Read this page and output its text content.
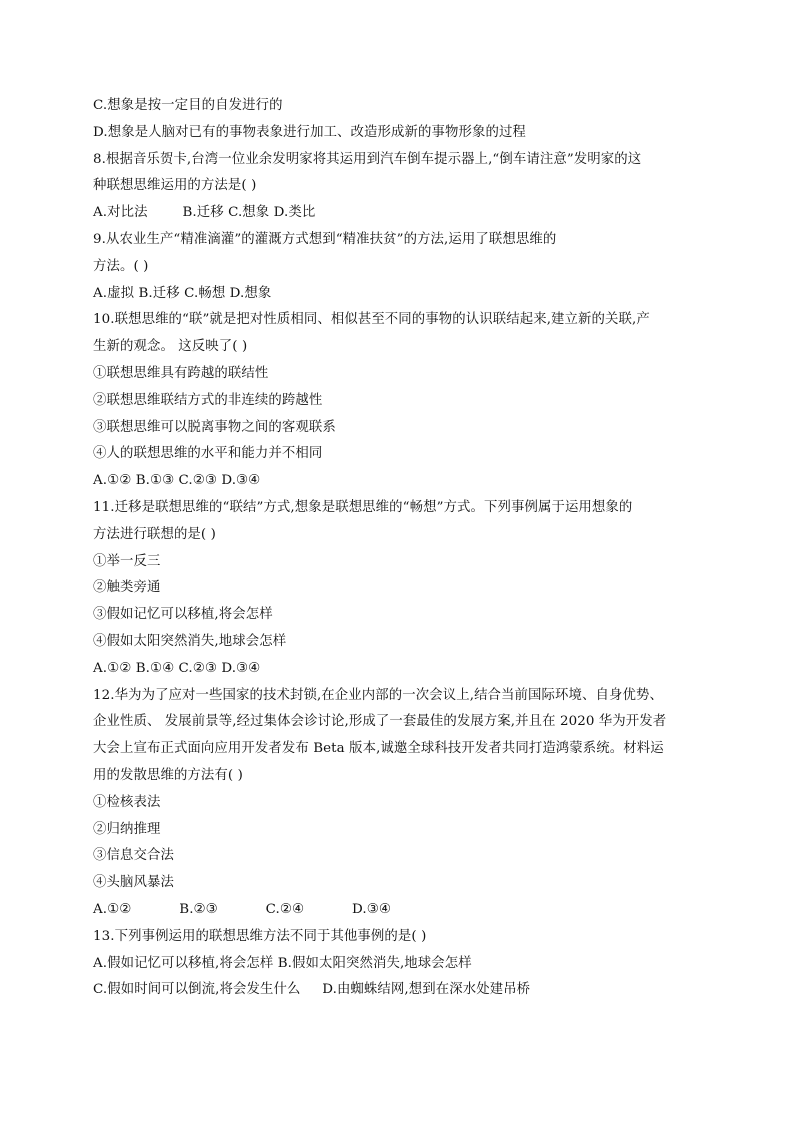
C.想象是按一定目的自发进行的
D.想象是人脑对已有的事物表象进行加工、改造形成新的事物形象的过程
8.根据音乐贺卡,台湾一位业余发明家将其运用到汽车倒车提示器上,“倒车请注意”发明家的这
种联想思维运用的方法是( )
A.对比法        B.迁移 C.想象 D.类比
9.从农业生产“精准滴灌”的灌溉方式想到“精准扶贫”的方法,运用了联想思维的
方法。( )
A.虚拟 B.迁移 C.畅想 D.想象
10.联想思维的“联”就是把对性质相同、相似甚至不同的事物的认识联结起来,建立新的关联,产
生新的观念。 这反映了( )
①联想思维具有跨越的联结性
②联想思维联结方式的非连续的跨越性
③联想思维可以脱离事物之间的客观联系
④人的联想思维的水平和能力并不相同
A.①② B.①③ C.②③ D.③④
11.迁移是联想思维的“联结”方式,想象是联想思维的“畅想”方式。下列事例属于运用想象的
方法进行联想的是( )
①举一反三
②触类旁通
③假如记忆可以移植,将会怎样
④假如太阳突然消失,地球会怎样
A.①② B.①④ C.②③ D.③④
12.华为为了应对一些国家的技术封锁,在企业内部的一次会议上,结合当前国际环境、自身优势、
企业性质、 发展前景等,经过集体会诊讨论,形成了一套最佳的发展方案,并且在 2020 华为开发者
大会上宣布正式面向应用开发者发布 Beta 版本,诚邀全球科技开发者共同打造鸿蒙系统。材料运
用的发散思维的方法有( )
①检核表法
②归纳推理
③信息交合法
④头脑风暴法
A.①②           B.②③           C.②④           D.③④
13.下列事例运用的联想思维方法不同于其他事例的是( )
A.假如记忆可以移植,将会怎样 B.假如太阳突然消失,地球会怎样
C.假如时间可以倒流,将会发生什么     D.由蜘蛛结网,想到在深水处建吊桥
